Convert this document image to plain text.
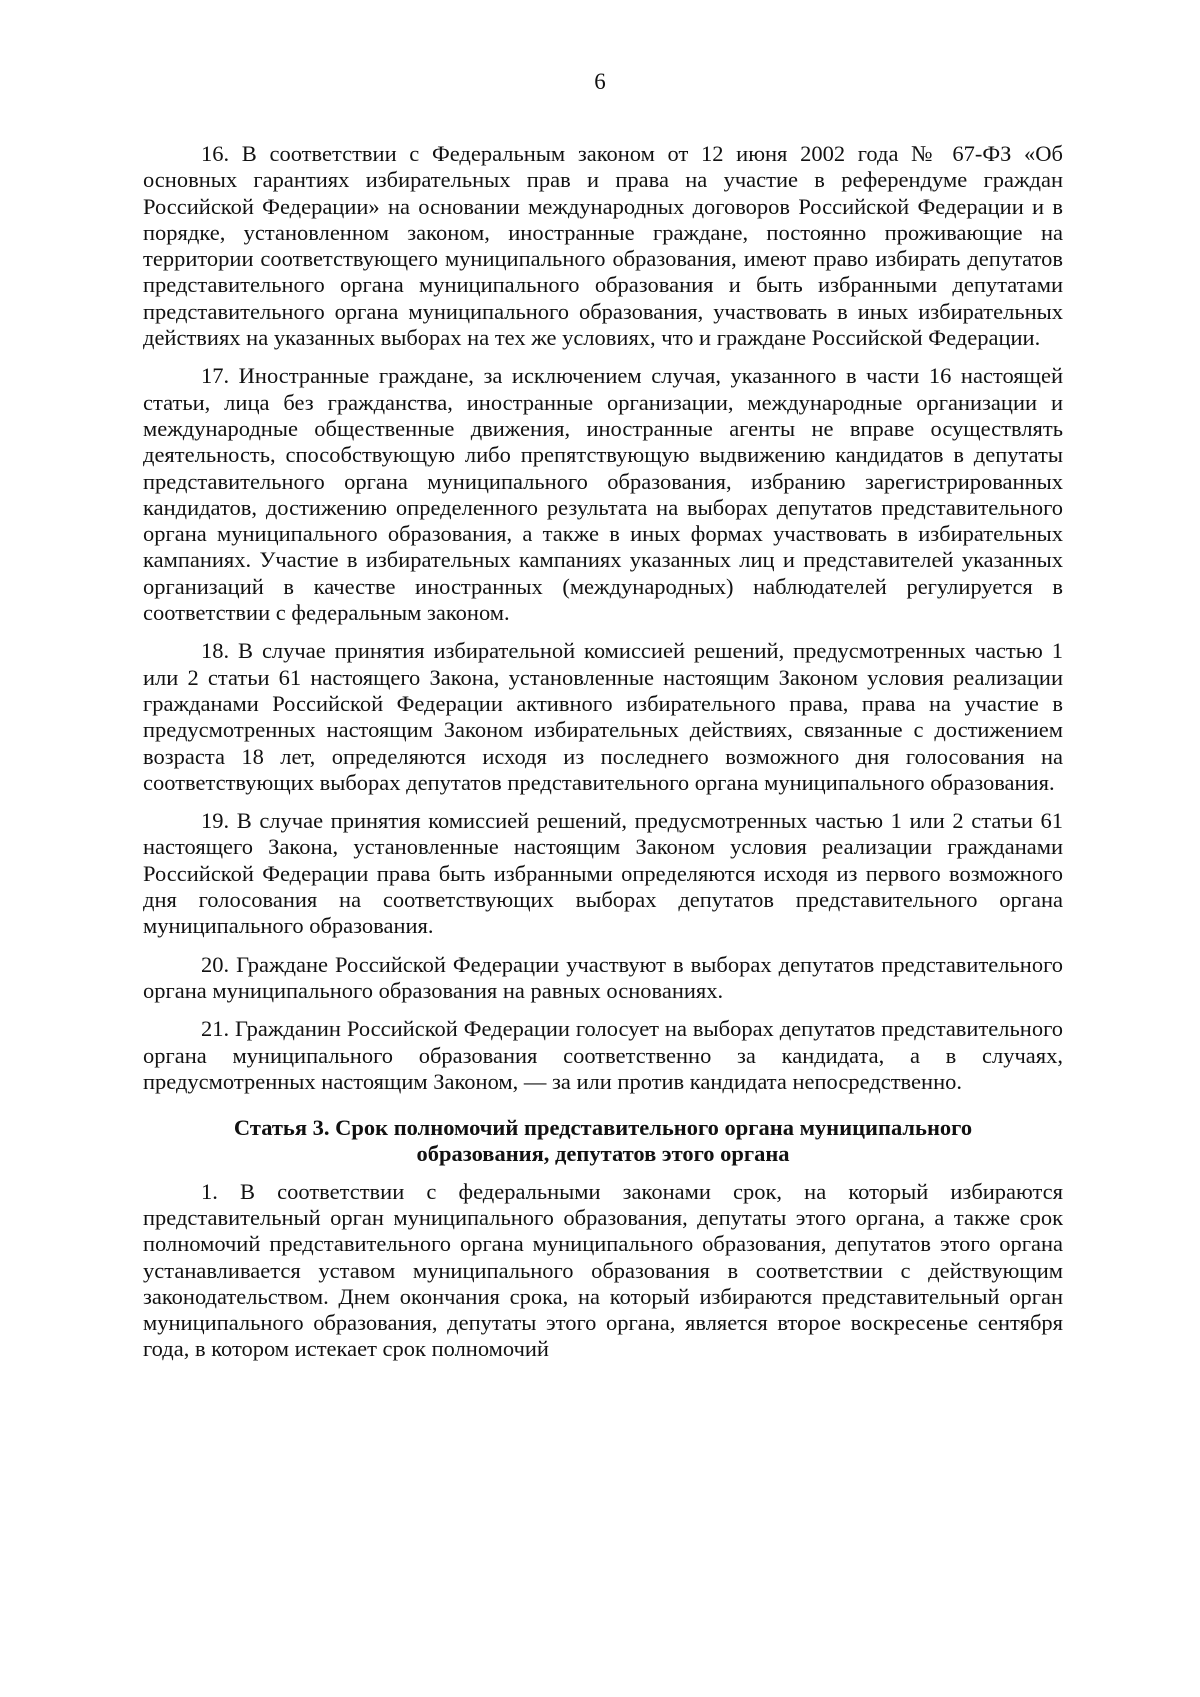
6

16. В соответствии с Федеральным законом от 12 июня 2002 года № 67-ФЗ «Об основных гарантиях избирательных прав и права на участие в референдуме граждан Российской Федерации» на основании международных договоров Российской Федерации и в порядке, установленном законом, иностранные граждане, постоянно проживающие на территории соответствующего муниципального образования, имеют право избирать депутатов представительного органа муниципального образования и быть избранными депутатами представительного органа муниципального образования, участвовать в иных избирательных действиях на указанных выборах на тех же условиях, что и граждане Российской Федерации.

17. Иностранные граждане, за исключением случая, указанного в части 16 настоящей статьи, лица без гражданства, иностранные организации, международные организации и международные общественные движения, иностранные агенты не вправе осуществлять деятельность, способствующую либо препятствующую выдвижению кандидатов в депутаты представительного органа муниципального образования, избранию зарегистрированных кандидатов, достижению определенного результата на выборах депутатов представительного органа муниципального образования, а также в иных формах участвовать в избирательных кампаниях. Участие в избирательных кампаниях указанных лиц и представителей указанных организаций в качестве иностранных (международных) наблюдателей регулируется в соответствии с федеральным законом.

18. В случае принятия избирательной комиссией решений, предусмотренных частью 1 или 2 статьи 61 настоящего Закона, установленные настоящим Законом условия реализации гражданами Российской Федерации активного избирательного права, права на участие в предусмотренных настоящим Законом избирательных действиях, связанные с достижением возраста 18 лет, определяются исходя из последнего возможного дня голосования на соответствующих выборах депутатов представительного органа муниципального образования.

19. В случае принятия комиссией решений, предусмотренных частью 1 или 2 статьи 61 настоящего Закона, установленные настоящим Законом условия реализации гражданами Российской Федерации права быть избранными определяются исходя из первого возможного дня голосования на соответствующих выборах депутатов представительного органа муниципального образования.

20. Граждане Российской Федерации участвуют в выборах депутатов представительного органа муниципального образования на равных основаниях.

21. Гражданин Российской Федерации голосует на выборах депутатов представительного органа муниципального образования соответственно за кандидата, а в случаях, предусмотренных настоящим Законом, — за или против кандидата непосредственно.

Статья 3. Срок полномочий представительного органа муниципального образования, депутатов этого органа

1. В соответствии с федеральными законами срок, на который избираются представительный орган муниципального образования, депутаты этого органа, а также срок полномочий представительного органа муниципального образования, депутатов этого органа устанавливается уставом муниципального образования в соответствии с действующим законодательством. Днем окончания срока, на который избираются представительный орган муниципального образования, депутаты этого органа, является второе воскресенье сентября года, в котором истекает срок полномочий
